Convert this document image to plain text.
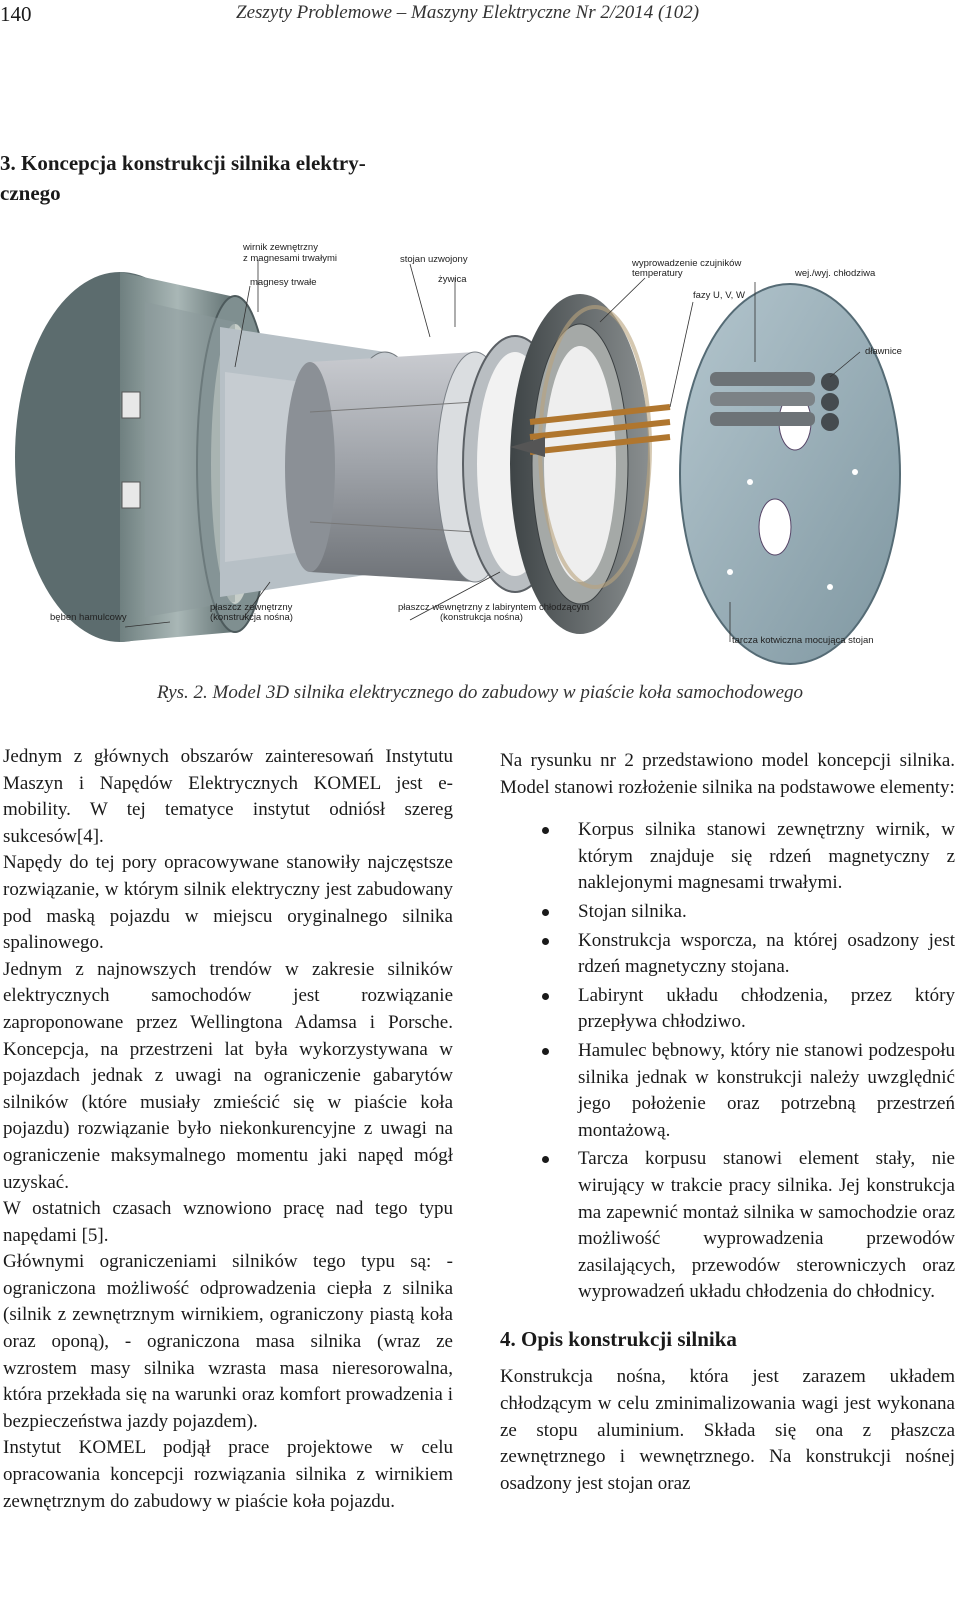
140	Zeszyty Problemowe – Maszyny Elektryczne Nr 2/2014 (102)
3. Koncepcja konstrukcji silnika elektry-
cznego
wirnik zewnętrzny
z magnesami trwałymi
magnesy trwałe
stojan uzwojony
żywica
wyprowadzenie czujników
temperatury	wej./wyj. chłodziwa
fazy U, V, W
dławnice
bęben hamulcowy
płaszcz zewnętrzny
(konstrukcja nośna)
płaszcz wewnętrzny z labiryntem chłodzącym
(konstrukcja nośna)
tarcza kotwiczna mocująca stojan
Rys. 2. Model 3D silnika elektrycznego do zabudowy w piaście koła samochodowego

Jednym z głównych obszarów zainteresowań Instytutu Maszyn i Napędów Elektrycznych KOMEL jest e-mobility. W tej tematyce instytut odniósł szereg sukcesów[4].

Napędy do tej pory opracowywane stanowiły najczęstsze rozwiązanie, w którym silnik elektryczny jest zabudowany pod maską pojazdu w miejscu oryginalnego silnika spalinowego.

Jednym z najnowszych trendów w zakresie silników elektrycznych samochodów jest rozwiązanie zaproponowane przez Wellingtona Adamsa i Porsche. Koncepcja, na przestrzeni lat była wykorzystywana w pojazdach jednak z uwagi na ograniczenie gabarytów silników (które musiały zmieścić się w piaście koła pojazdu) rozwiązanie było niekonkurencyjne z uwagi na ograniczenie maksymalnego momentu jaki napęd mógł uzyskać.

W ostatnich czasach wznowiono pracę nad tego typu napędami [5].

Głównymi ograniczeniami silników tego typu są: - ograniczona możliwość odprowadzenia ciepła z silnika (silnik z zewnętrznym wirnikiem, ograniczony piastą koła oraz oponą), - ograniczona masa silnika (wraz ze wzrostem masy silnika wzrasta masa nieresorowalna, która przekłada się na warunki oraz komfort prowadzenia i bezpieczeństwa jazdy pojazdem).

Instytut KOMEL podjął prace projektowe w celu opracowania koncepcji rozwiązania silnika z wirnikiem zewnętrznym do zabudowy w piaście koła pojazdu.

Na rysunku nr 2 przedstawiono model koncepcji silnika. Model stanowi rozłożenie silnika na podstawowe elementy:

Korpus silnika stanowi zewnętrzny wirnik, w którym znajduje się rdzeń magnetyczny z naklejonymi magnesami trwałymi.
Stojan silnika.
Konstrukcja wsporcza, na której osadzony jest rdzeń magnetyczny stojana.
Labirynt układu chłodzenia, przez który przepływa chłodziwo.
Hamulec bębnowy, który nie stanowi podzespołu silnika jednak w konstrukcji należy uwzględnić jego położenie oraz potrzebną przestrzeń montażową.
Tarcza korpusu stanowi element stały, nie wirujący w trakcie pracy silnika. Jej konstrukcja ma zapewnić montaż silnika w samochodzie oraz możliwość wyprowadzenia przewodów zasilających, przewodów sterowniczych oraz wyprowadzeń układu chłodzenia do chłodnicy.
4. Opis konstrukcji silnika

Konstrukcja nośna, która jest zarazem układem chłodzącym w celu zminimalizowania wagi jest wykonana ze stopu aluminium. Składa się ona z płaszcza zewnętrznego i wewnętrznego. Na konstrukcji nośnej osadzony jest stojan oraz
